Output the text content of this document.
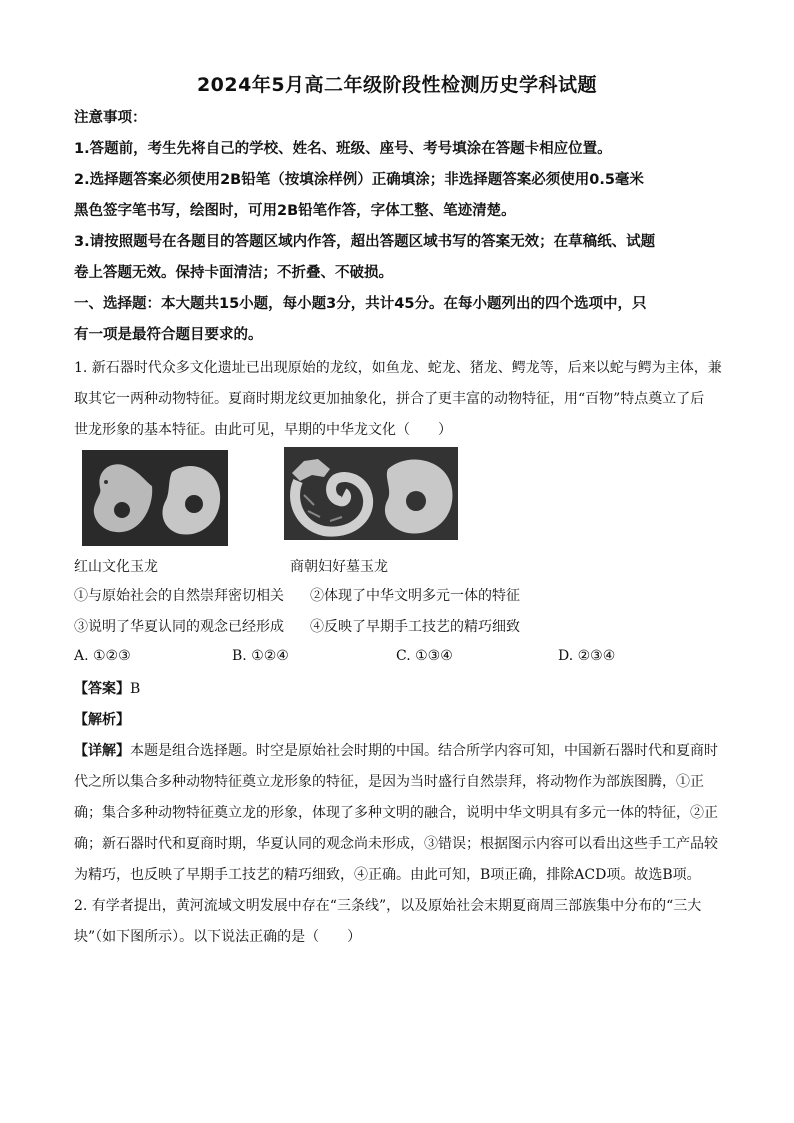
2024年5月高二年级阶段性检测历史学科试题

注意事项：

1.答题前，考生先将自己的学校、姓名、班级、座号、考号填涂在答题卡相应位置。

2.选择题答案必须使用2B铅笔（按填涂样例）正确填涂；非选择题答案必须使用0.5毫米

黑色签字笔书写，绘图时，可用2B铅笔作答，字体工整、笔迹清楚。

3.请按照题号在各题目的答题区域内作答，超出答题区域书写的答案无效；在草稿纸、试题

卷上答题无效。保持卡面清洁；不折叠、不破损。

一、选择题：本大题共15小题，每小题3分，共计45分。在每小题列出的四个选项中，只

有一项是最符合题目要求的。

1. 新石器时代众多文化遗址已出现原始的龙纹，如鱼龙、蛇龙、猪龙、鳄龙等，后来以蛇与鳄为主体，兼

取其它一两种动物特征。夏商时期龙纹更加抽象化，拼合了更丰富的动物特征，用“百物”特点奠立了后

世龙形象的基本特征。由此可见，早期的中华龙文化（　　）

红山文化玉龙	商朝妇好墓玉龙

①与原始社会的自然崇拜密切相关 ②体现了中华文明多元一体的特征

③说明了华夏认同的观念已经形成 ④反映了早期手工技艺的精巧细致

A. ①②③	B. ①②④	C. ①③④	D. ②③④

【答案】B

【解析】

【详解】本题是组合选择题。时空是原始社会时期的中国。结合所学内容可知，中国新石器时代和夏商时

代之所以集合多种动物特征奠立龙形象的特征，是因为当时盛行自然崇拜，将动物作为部族图腾，①正

确；集合多种动物特征奠立龙的形象，体现了多种文明的融合，说明中华文明具有多元一体的特征，②正

确；新石器时代和夏商时期，华夏认同的观念尚未形成，③错误；根据图示内容可以看出这些手工产品较

为精巧，也反映了早期手工技艺的精巧细致，④正确。由此可知，B项正确，排除ACD项。故选B项。

2. 有学者提出，黄河流域文明发展中存在“三条线”，以及原始社会末期夏商周三部族集中分布的“三大

块”（如下图所示）。以下说法正确的是（　　）
